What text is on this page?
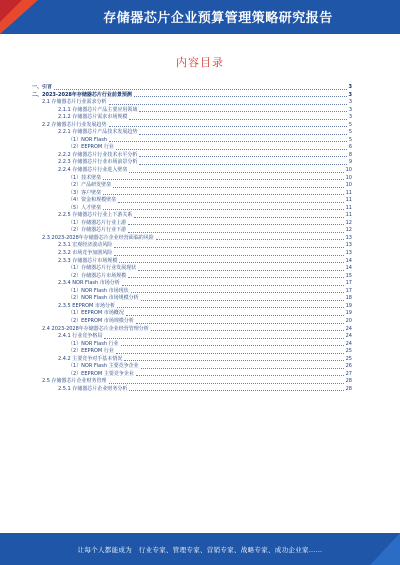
存储器芯片企业预算管理策略研究报告
内容目录
一、引言	3
二、2023-2028年存储器芯片行业前景预测	3
2.1 存储器芯片行业需求分析	3
2.1.1 存储器芯片产品主要应用领域	3
2.1.2 存储器芯片需求市场规模	3
2.2 存储器芯片行业发展趋势	5
2.2.1 存储器芯片产品技术发展趋势	5
（1）NOR Flash	5
（2）EEPROM 行业	6
2.2.2 存储器芯片行业技术水平分析	8
2.2.3 存储器芯片行业市场前景分析	9
2.2.4 存储器芯片行业进入壁垒	10
（1）技术壁垒	10
（2）产品研发壁垒	10
（3）客户壁垒	11
（4）资金和规模壁垒	11
（5）人才壁垒	11
2.2.5 存储器芯片行业上下游关系	11
（1）存储器芯片行业上游	12
（2）存储器芯片行业下游	12
2.3 2023-2028年存储器芯片企业经营面临的风险	13
2.3.1 宏观经济波动风险	13
2.3.2 市场竞争加剧风险	13
2.3.3 存储器芯片市场规模	14
（1）存储器芯片行业发展现状	14
（2）存储器芯片市场规模	15
2.3.4 NOR Flash 市场分析	17
（1）NOR Flash 市场现状	17
（2）NOR Flash 市场规模分析	18
2.3.5 EEPROM 市场分析	19
（1）EEPROM 市场概况	19
（2）EEPROM 市场规模分析	20
2.4 2023-2028年存储器芯片企业经营管理分析	24
2.4.1 行业竞争格局	24
（1）NOR Flash 行业	24
（2）EEPROM 行业	25
2.4.2 主要竞争对手基本情况	25
（1）NOR Flash 主要竞争企业	26
（2）EEPROM 主要竞争企业	27
2.5 存储器芯片企业财务管理	28
2.5.1 存储器芯片企业财务分析	28
让每个人都能成为　行业专家、管理专家、营销专家、战略专家、成功企业家……
